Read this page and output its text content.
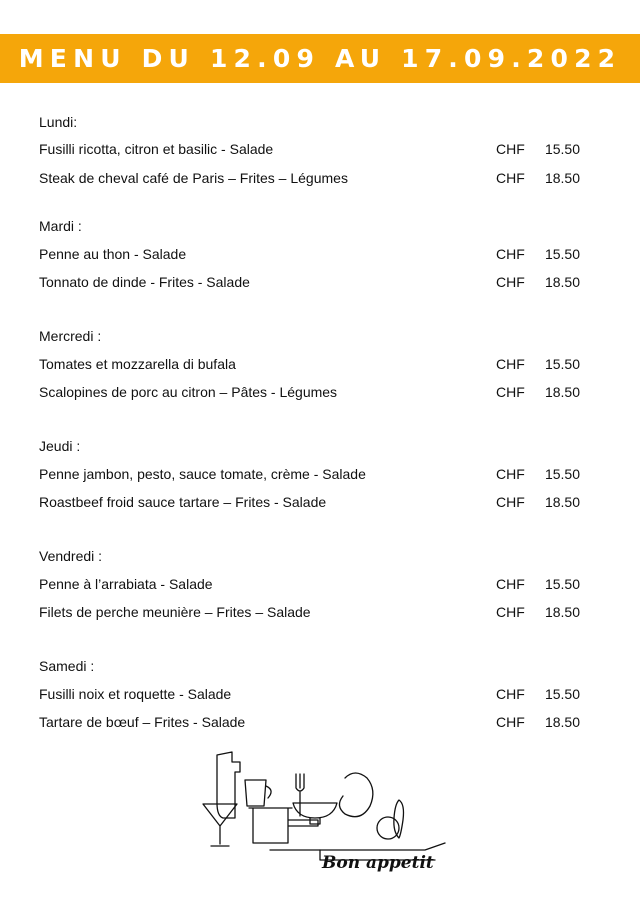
MENU DU 12.09 AU 17.09.2022
Lundi:
Fusilli ricotta, citron et basilic - Salade	CHF 15.50
Steak de cheval café de Paris – Frites – Légumes	CHF 18.50
Mardi :
Penne au thon - Salade	CHF 15.50
Tonnato de dinde - Frites - Salade	CHF 18.50
Mercredi :
Tomates et mozzarella di bufala	CHF 15.50
Scalopines de porc au citron – Pâtes - Légumes	CHF 18.50
Jeudi :
Penne jambon, pesto, sauce tomate, crème - Salade	CHF 15.50
Roastbeef froid sauce tartare – Frites - Salade	CHF 18.50
Vendredi :
Penne à l’arrabiata - Salade	CHF 15.50
Filets de perche meunière – Frites – Salade	CHF 18.50
Samedi :
Fusilli noix et roquette - Salade	CHF 15.50
Tartare de bœuf – Frites - Salade	CHF 18.50
Bon appetit
